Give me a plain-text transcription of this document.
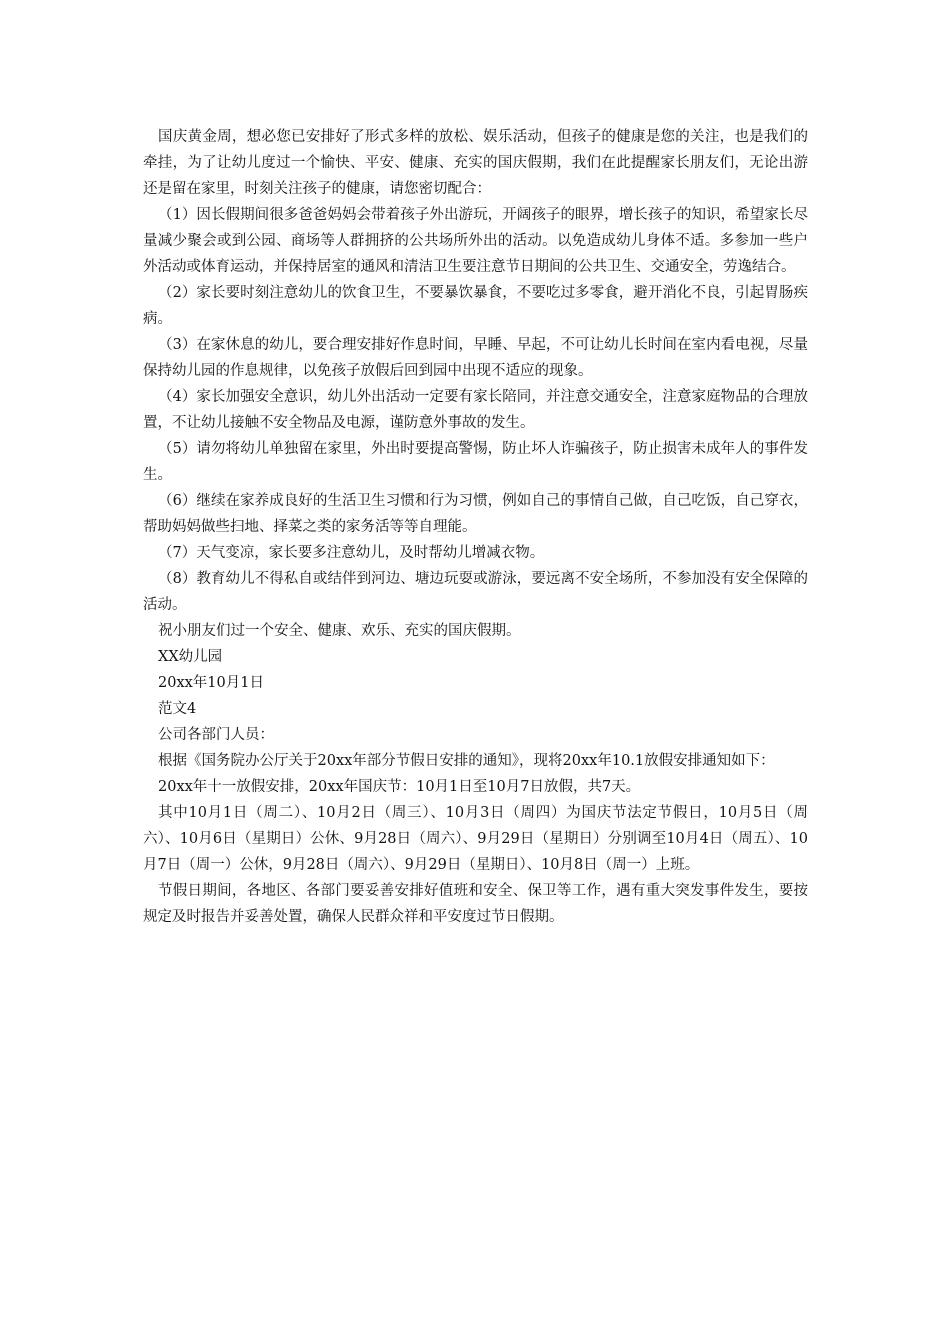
国庆黄金周，想必您已安排好了形式多样的放松、娱乐活动，但孩子的健康是您的关注，也是我们的牵挂，为了让幼儿度过一个愉快、平安、健康、充实的国庆假期，我们在此提醒家长朋友们，无论出游还是留在家里，时刻关注孩子的健康，请您密切配合：

（1）因长假期间很多爸爸妈妈会带着孩子外出游玩，开阔孩子的眼界，增长孩子的知识，希望家长尽量减少聚会或到公园、商场等人群拥挤的公共场所外出的活动。以免造成幼儿身体不适。多参加一些户外活动或体育运动，并保持居室的通风和清洁卫生要注意节日期间的公共卫生、交通安全，劳逸结合。

（2）家长要时刻注意幼儿的饮食卫生，不要暴饮暴食，不要吃过多零食，避开消化不良，引起胃肠疾病。

（3）在家休息的幼儿，要合理安排好作息时间，早睡、早起，不可让幼儿长时间在室内看电视，尽量保持幼儿园的作息规律，以免孩子放假后回到园中出现不适应的现象。

（4）家长加强安全意识，幼儿外出活动一定要有家长陪同，并注意交通安全，注意家庭物品的合理放置，不让幼儿接触不安全物品及电源，谨防意外事故的发生。

（5）请勿将幼儿单独留在家里，外出时要提高警惕，防止坏人诈骗孩子，防止损害未成年人的事件发生。

（6）继续在家养成良好的生活卫生习惯和行为习惯，例如自己的事情自己做，自己吃饭，自己穿衣，帮助妈妈做些扫地、择菜之类的家务活等等自理能。

（7）天气变凉，家长要多注意幼儿，及时帮幼儿增减衣物。

（8）教育幼儿不得私自或结伴到河边、塘边玩耍或游泳，要远离不安全场所，不参加没有安全保障的活动。

祝小朋友们过一个安全、健康、欢乐、充实的国庆假期。

XX幼儿园

20xx年10月1日

范文4

公司各部门人员：

根据《国务院办公厅关于20xx年部分节假日安排的通知》，现将20xx年10.1放假安排通知如下：

20xx年十一放假安排，20xx年国庆节：10月1日至10月7日放假，共7天。

其中10月1日（周二）、10月2日（周三）、10月3日（周四）为国庆节法定节假日，10月5日（周六）、10月6日（星期日）公休、9月28日（周六）、9月29日（星期日）分别调至10月4日（周五）、10月7日（周一）公休，9月28日（周六）、9月29日（星期日）、10月8日（周一）上班。

节假日期间，各地区、各部门要妥善安排好值班和安全、保卫等工作，遇有重大突发事件发生，要按规定及时报告并妥善处置，确保人民群众祥和平安度过节日假期。
